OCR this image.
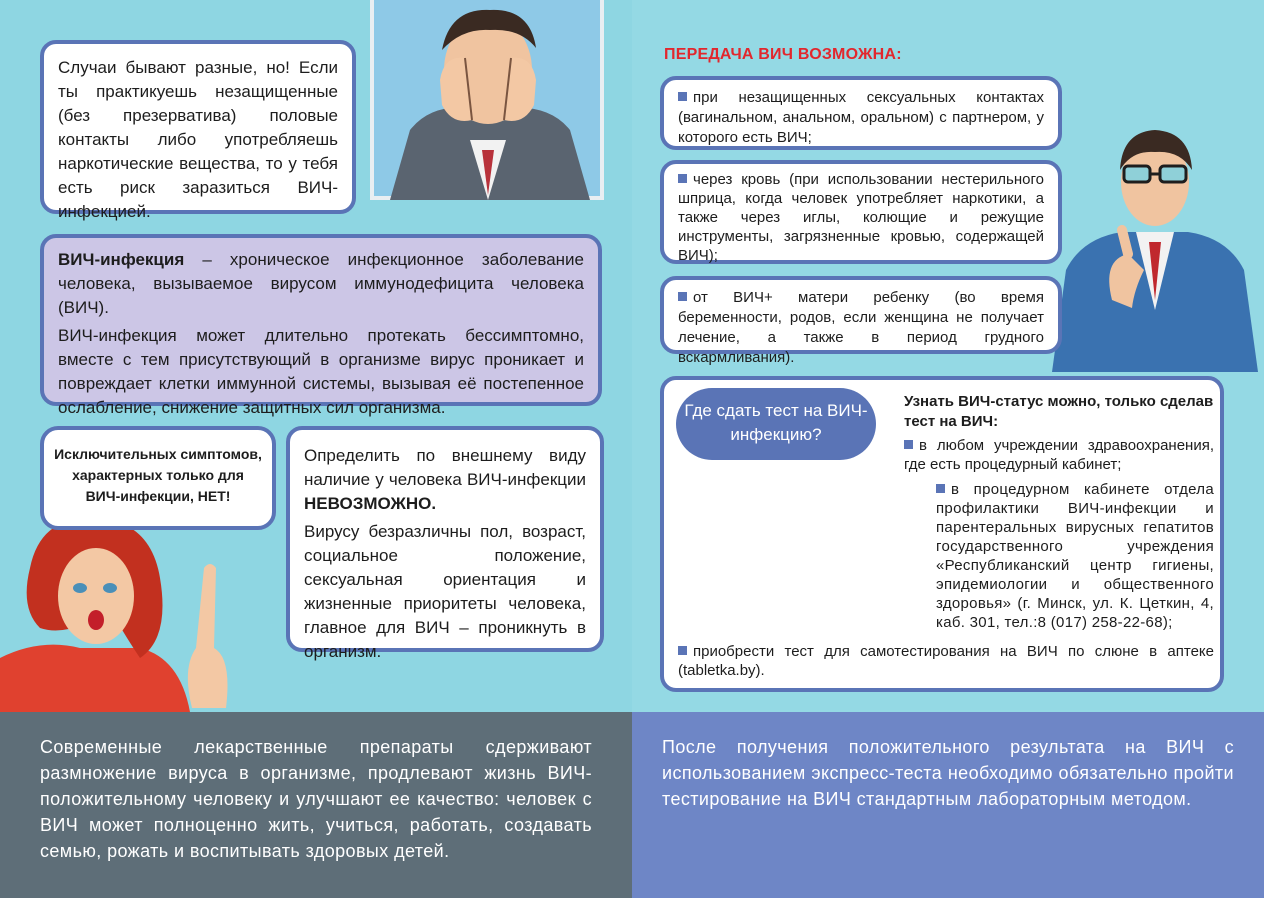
Случаи бывают разные, но! Если ты практикуешь незащищенные (без презерватива) половые контакты либо употребляешь наркотические вещества, то у тебя есть риск заразиться ВИЧ-инфекцией.

ВИЧ-инфекция – хроническое инфекционное заболевание человека, вызываемое вирусом иммунодефицита человека (ВИЧ).

ВИЧ-инфекция может длительно протекать бессимптомно, вместе с тем присутствующий в организме вирус проникает и повреждает клетки иммунной системы, вызывая её постепенное ослабление, снижение защитных сил организма.

Исключительных симптомов, характерных только для ВИЧ-инфекции, НЕТ!

Определить по внешнему виду наличие у человека ВИЧ-инфекции НЕВОЗМОЖНО.

Вирусу безразличны пол, возраст, социальное положение, сексуальная ориентация и жизненные приоритеты человека, главное для ВИЧ – проникнуть в организм.

ПЕРЕДАЧА ВИЧ ВОЗМОЖНА:

при незащищенных сексуальных контактах (вагинальном, анальном, оральном) с партнером, у которого есть ВИЧ;

через кровь (при использовании нестерильного шприца, когда человек употребляет наркотики, а также через иглы, колющие и режущие инструменты, загрязненные кровью, содержащей ВИЧ);

от ВИЧ+ матери ребенку (во время беременности, родов, если женщина не получает лечение, а также в период грудного вскармливания).

Узнать ВИЧ-статус можно, только сделав тест на ВИЧ:
в любом учреждении здравоохранения, где есть процедурный кабинет;
в процедурном кабинете отдела профилактики ВИЧ-инфекции и парентеральных вирусных гепатитов государственного учреждения «Республиканский центр гигиены, эпидемиологии и общественного здоровья» (г. Минск, ул. К. Цеткин, 4, каб. 301, тел.:8 (017) 258-22-68);
приобрести тест для самотестирования на ВИЧ по слюне в аптеке (tabletka.by).
Где сдать тест на ВИЧ-инфекцию?

Современные лекарственные препараты сдерживают размножение вируса в организме, продлевают жизнь ВИЧ-положительному человеку и улучшают ее качество: человек с ВИЧ может полноценно жить, учиться, работать, создавать семью, рожать и воспитывать здоровых детей.

После получения положительного результата на ВИЧ с использованием экспресс-теста необходимо обязательно пройти тестирование на ВИЧ стандартным лабораторным методом.
